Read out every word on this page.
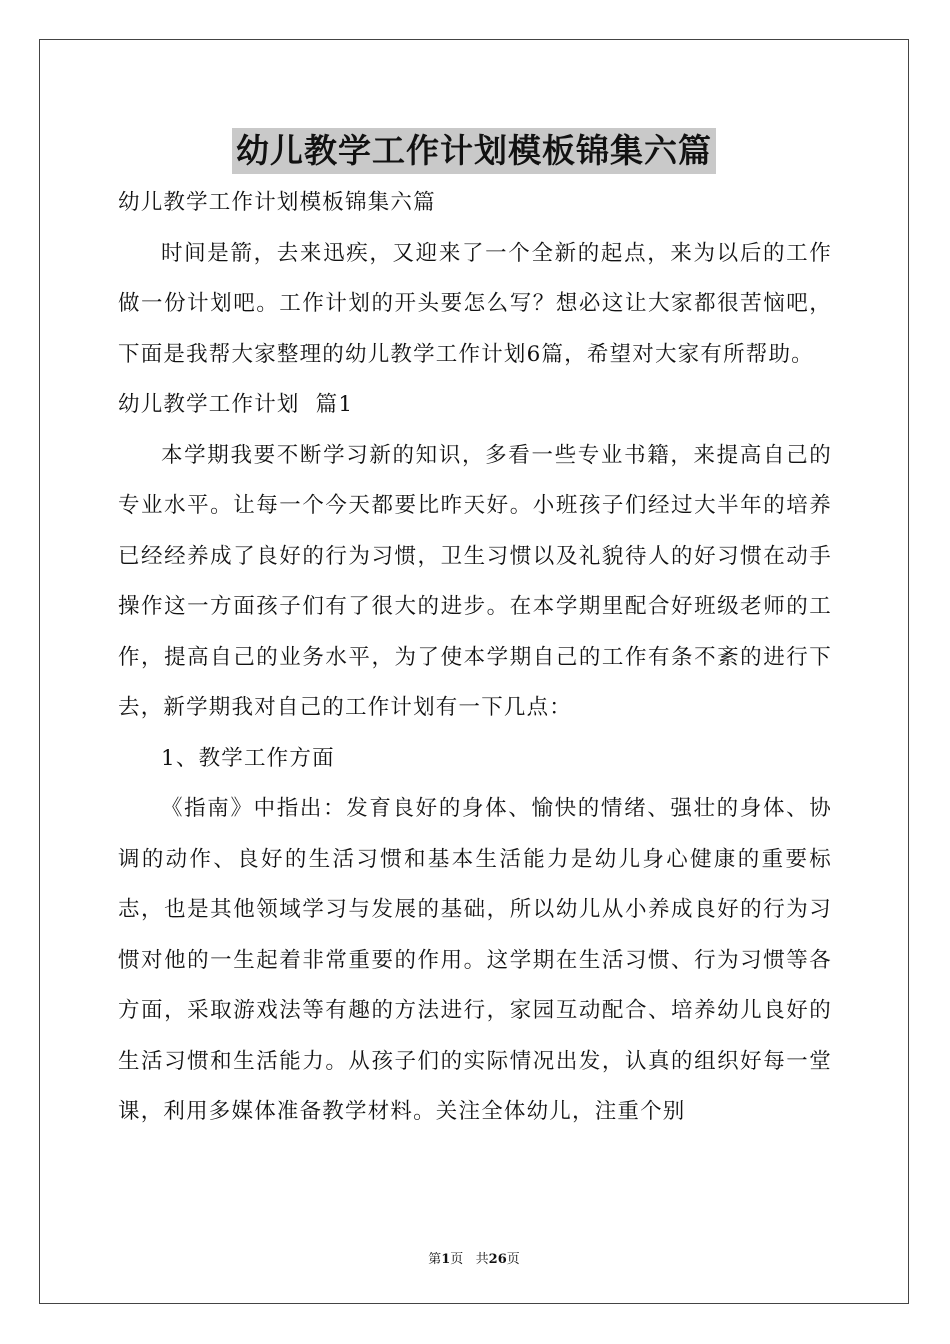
幼儿教学工作计划模板锦集六篇

幼儿教学工作计划模板锦集六篇

时间是箭，去来迅疾，又迎来了一个全新的起点，来为以后的工作做一份计划吧。工作计划的开头要怎么写？想必这让大家都很苦恼吧，下面是我帮大家整理的幼儿教学工作计划6篇，希望对大家有所帮助。

幼儿教学工作计划  篇1

本学期我要不断学习新的知识，多看一些专业书籍，来提高自己的专业水平。让每一个今天都要比昨天好。小班孩子们经过大半年的培养已经经养成了良好的行为习惯，卫生习惯以及礼貌待人的好习惯在动手操作这一方面孩子们有了很大的进步。在本学期里配合好班级老师的工作，提高自己的业务水平，为了使本学期自己的工作有条不紊的进行下去，新学期我对自己的工作计划有一下几点：

1、教学工作方面

《指南》中指出：发育良好的身体、愉快的情绪、强壮的身体、协调的动作、良好的生活习惯和基本生活能力是幼儿身心健康的重要标志，也是其他领域学习与发展的基础，所以幼儿从小养成良好的行为习惯对他的一生起着非常重要的作用。这学期在生活习惯、行为习惯等各方面，采取游戏法等有趣的方法进行，家园互动配合、培养幼儿良好的生活习惯和生活能力。从孩子们的实际情况出发，认真的组织好每一堂课，利用多媒体准备教学材料。关注全体幼儿，注重个别

第1页   共26页
